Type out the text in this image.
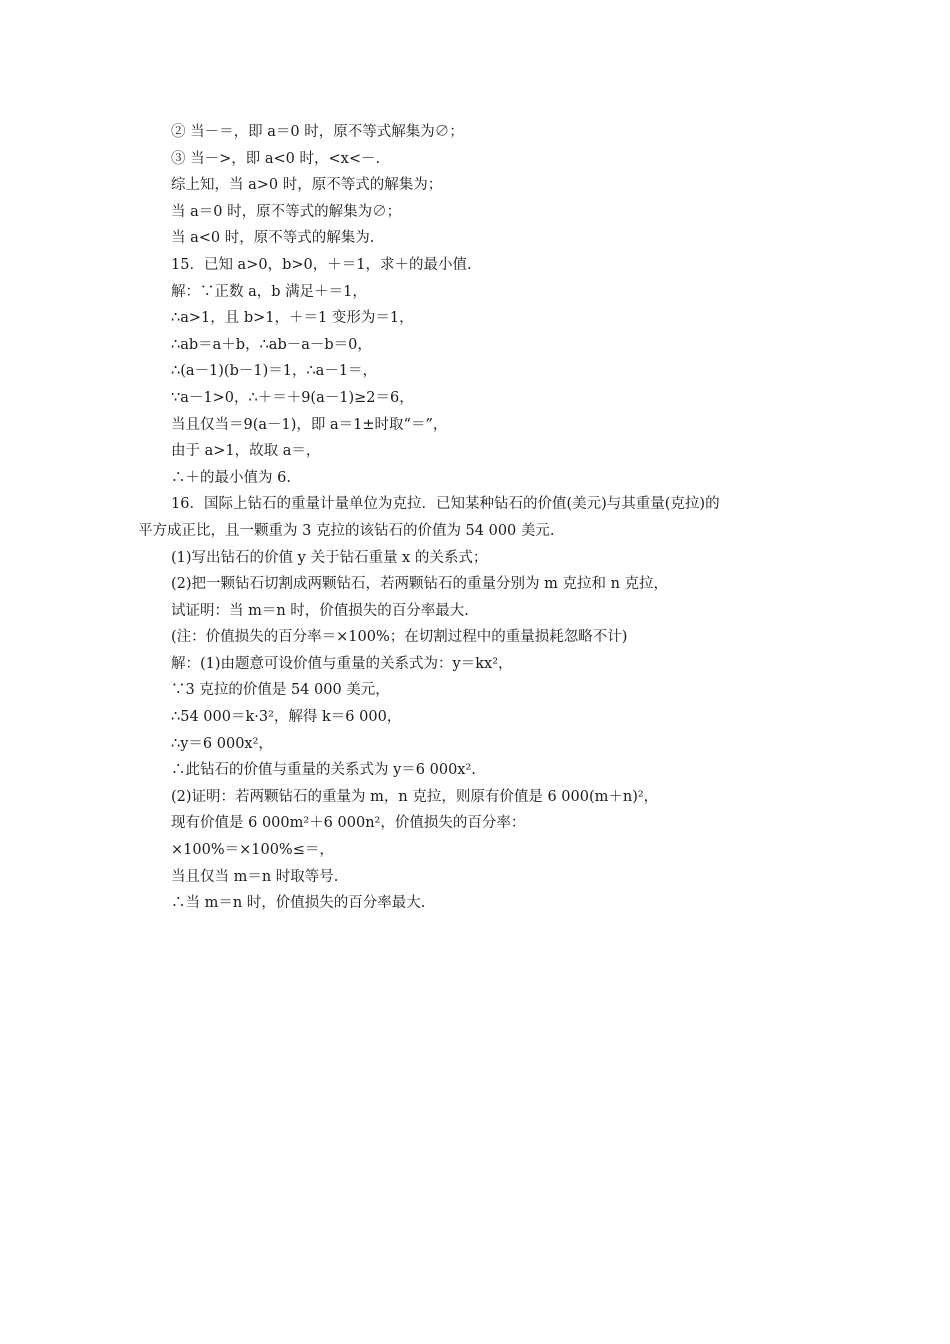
② 当－＝，即 a＝0 时，原不等式解集为∅；
③ 当－>，即 a<0 时，<x<－.
综上知，当 a>0 时，原不等式的解集为；
当 a＝0 时，原不等式的解集为∅；
当 a<0 时，原不等式的解集为.
15．已知 a>0，b>0，＋＝1，求＋的最小值.
解：∵正数 a，b 满足＋＝1，
∴a>1，且 b>1，＋＝1 变形为＝1，
∴ab＝a＋b，∴ab－a－b＝0，
∴(a－1)(b－1)＝1，∴a－1＝，
∵a－1>0，∴＋＝＋9(a－1)≥2＝6，
当且仅当＝9(a－1)，即 a＝1±时取“＝”，
由于 a>1，故取 a＝，
∴＋的最小值为 6.
16．国际上钻石的重量计量单位为克拉．已知某种钻石的价值(美元)与其重量(克拉)的
平方成正比，且一颗重为 3 克拉的该钻石的价值为 54 000 美元.
(1)写出钻石的价值 y 关于钻石重量 x 的关系式；
(2)把一颗钻石切割成两颗钻石，若两颗钻石的重量分别为 m 克拉和 n 克拉，
试证明：当 m＝n 时，价值损失的百分率最大.
(注：价值损失的百分率＝×100%；在切割过程中的重量损耗忽略不计)
解：(1)由题意可设价值与重量的关系式为：y＝kx²，
∵3 克拉的价值是 54 000 美元，
∴54 000＝k·3²，解得 k＝6 000，
∴y＝6 000x²，
∴此钻石的价值与重量的关系式为 y＝6 000x².
(2)证明：若两颗钻石的重量为 m，n 克拉，则原有价值是 6 000(m＋n)²，
现有价值是 6 000m²＋6 000n²，价值损失的百分率：
×100%＝×100%≤＝，
当且仅当 m＝n 时取等号.
∴当 m＝n 时，价值损失的百分率最大.
